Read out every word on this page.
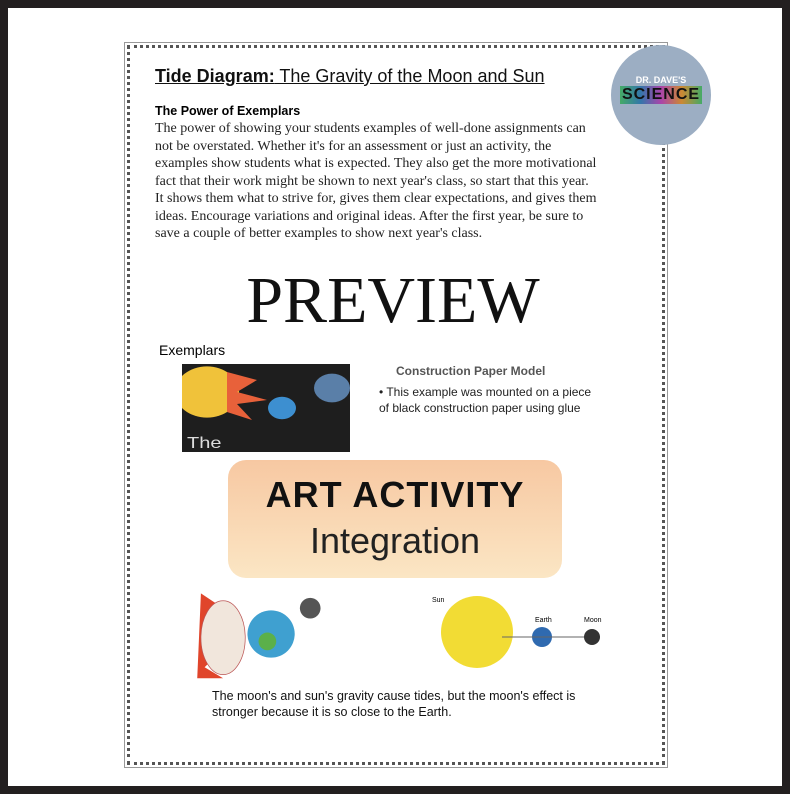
Tide Diagram: The Gravity of the Moon and Sun
The Power of Exemplars
The power of showing your students examples of well-done assignments can not be overstated. Whether it's for an assessment or just an activity, the examples show students what is expected. They also get the more motivational fact that their work might be shown to next year's class, so start that this year. It shows them what to strive for, gives them clear expectations, and gives them ideas. Encourage variations and original ideas. After the first year, be sure to save a couple of better examples to show next year's class.
PREVIEW
DR. DAVE'S
SCIENCE
Exemplars
The
Construction Paper Model
• This example was mounted on a piece of black construction paper using glue
ART ACTIVITY
Integration
Sun
Earth	Moon
The moon's and sun's gravity cause tides, but the moon's effect is stronger because it is so close to the Earth.
